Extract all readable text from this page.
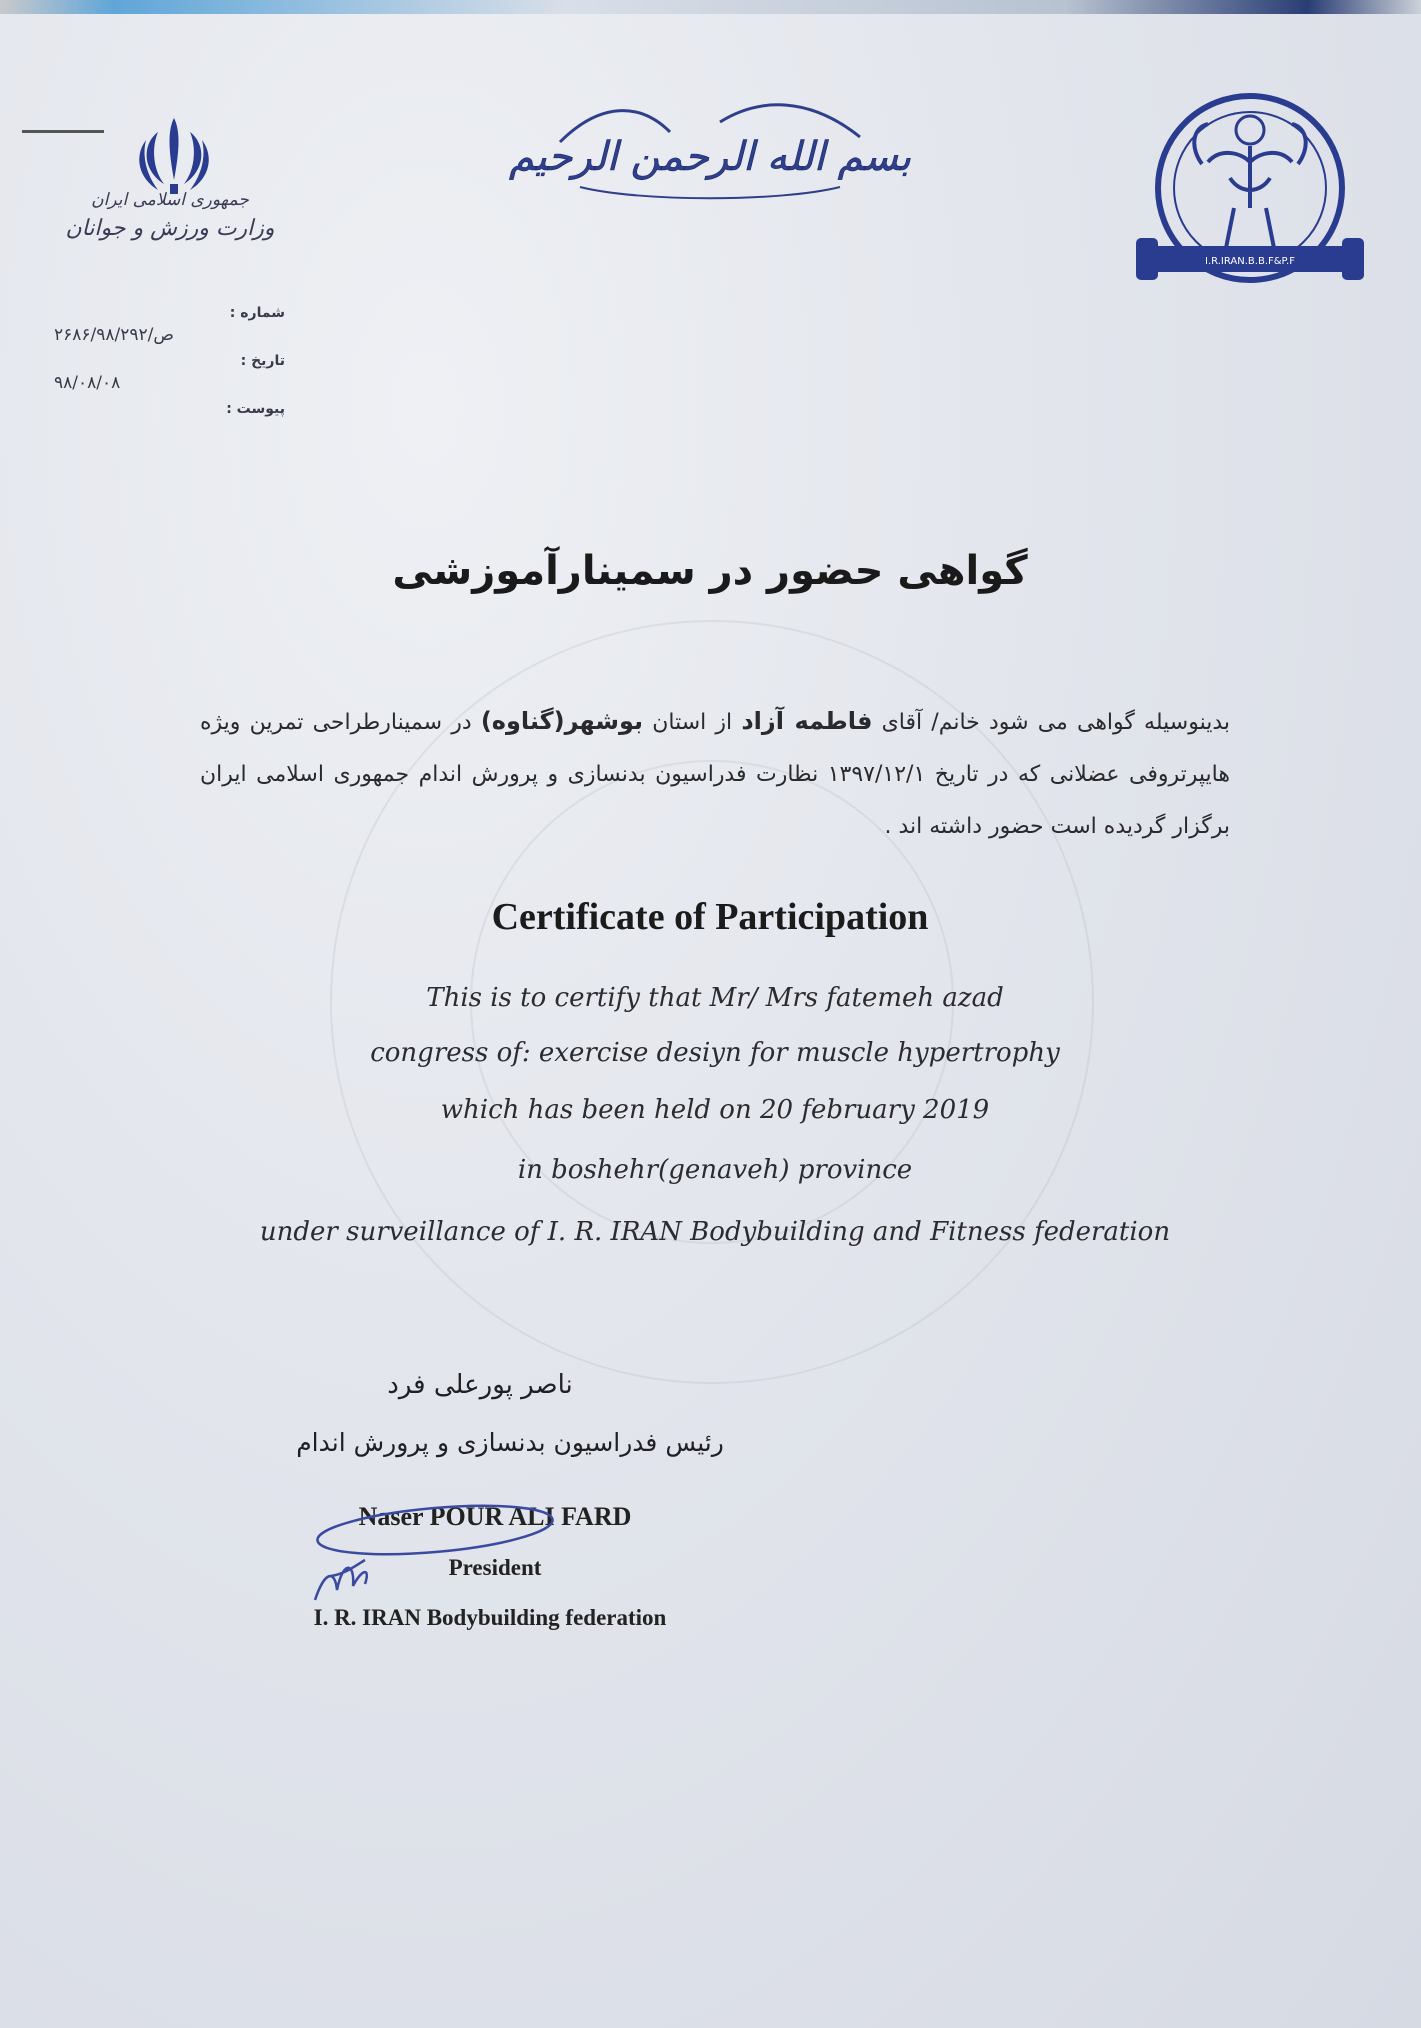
جمهوری اسلامی ایران
وزارت ورزش و جوانان
بسم الله الرحمن الرحیم
I.R.IRAN.B.B.F&P.F
شماره :
۲۶۸۶/ص/۹۸/۲۹۲
تاریخ :
۹۸/۰۸/۰۸
پیوست :
گواهی حضور در سمینارآموزشی
بدینوسیله گواهی می شود خانم/ آقای فاطمه آزاد از استان بوشهر(گناوه) در سمینارطراحی تمرین ویژه هایپرتروفی عضلانی که در تاریخ ۱۳۹۷/۱۲/۱ نظارت فدراسیون بدنسازی و پرورش اندام جمهوری اسلامی ایران برگزار گردیده است حضور داشته اند .
Certificate of Participation
This is to certify that Mr/ Mrs fatemeh azad
congress of: exercise desiyn for muscle hypertrophy
which has been held on 20 february 2019
in boshehr(genaveh) province
under surveillance of I. R. IRAN Bodybuilding and Fitness federation
ناصر پورعلی فرد
رئیس فدراسیون بدنسازی و پرورش اندام
Naser POUR ALI FARD
President
I. R. IRAN Bodybuilding federation
